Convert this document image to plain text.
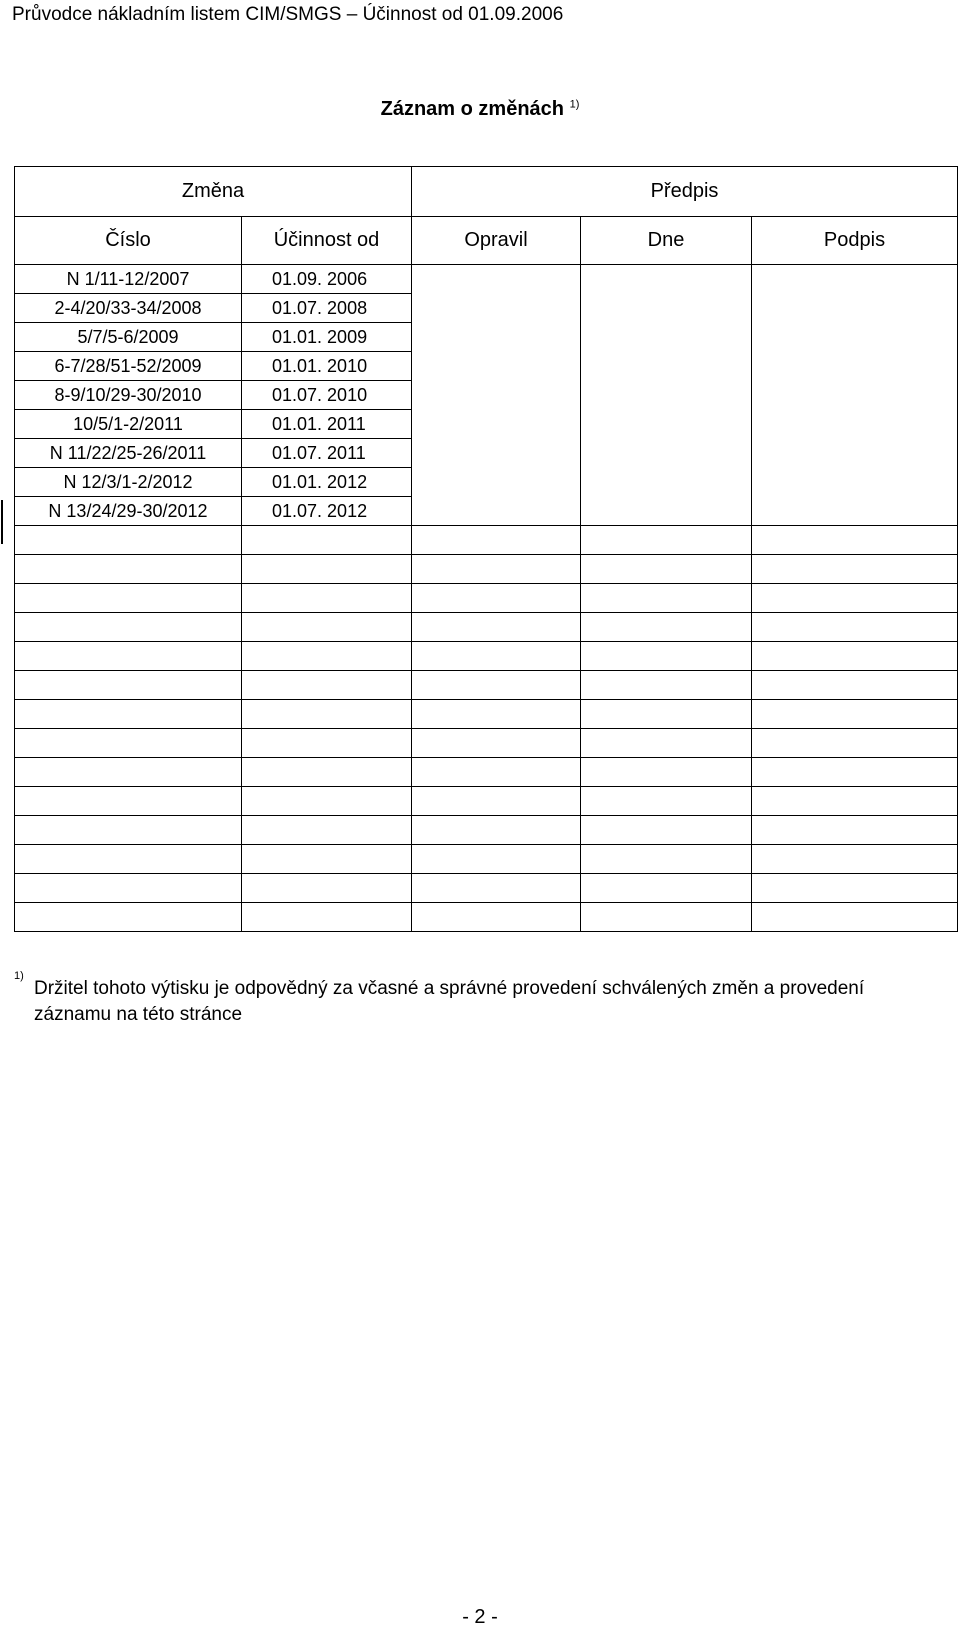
Průvodce nákladním listem CIM/SMGS – Účinnost od 01.09.2006
Záznam o změnách $^{1)}$
Změna		Předpis		
Číslo	Účinnost od	Opravil	Dne	Podpis
N 1/11-12/2007	01.09. 2006			
2-4/20/33-34/2008	01.07. 2008			
5/7/5-6/2009	01.01. 2009			
6-7/28/51-52/2009	01.01. 2010			
8-9/10/29-30/2010	01.07. 2010			
10/5/1-2/2011	01.01. 2011			
N 11/22/25-26/2011	01.07. 2011			
N 12/3/1-2/2012	01.01. 2012			
N 13/24/29-30/2012	01.07. 2012			

$^{1)}$Držitel tohoto výtisku je odpovědný za včasné a správné provedení schválených změn a provedení záznamu na této stránce
- 2 -
